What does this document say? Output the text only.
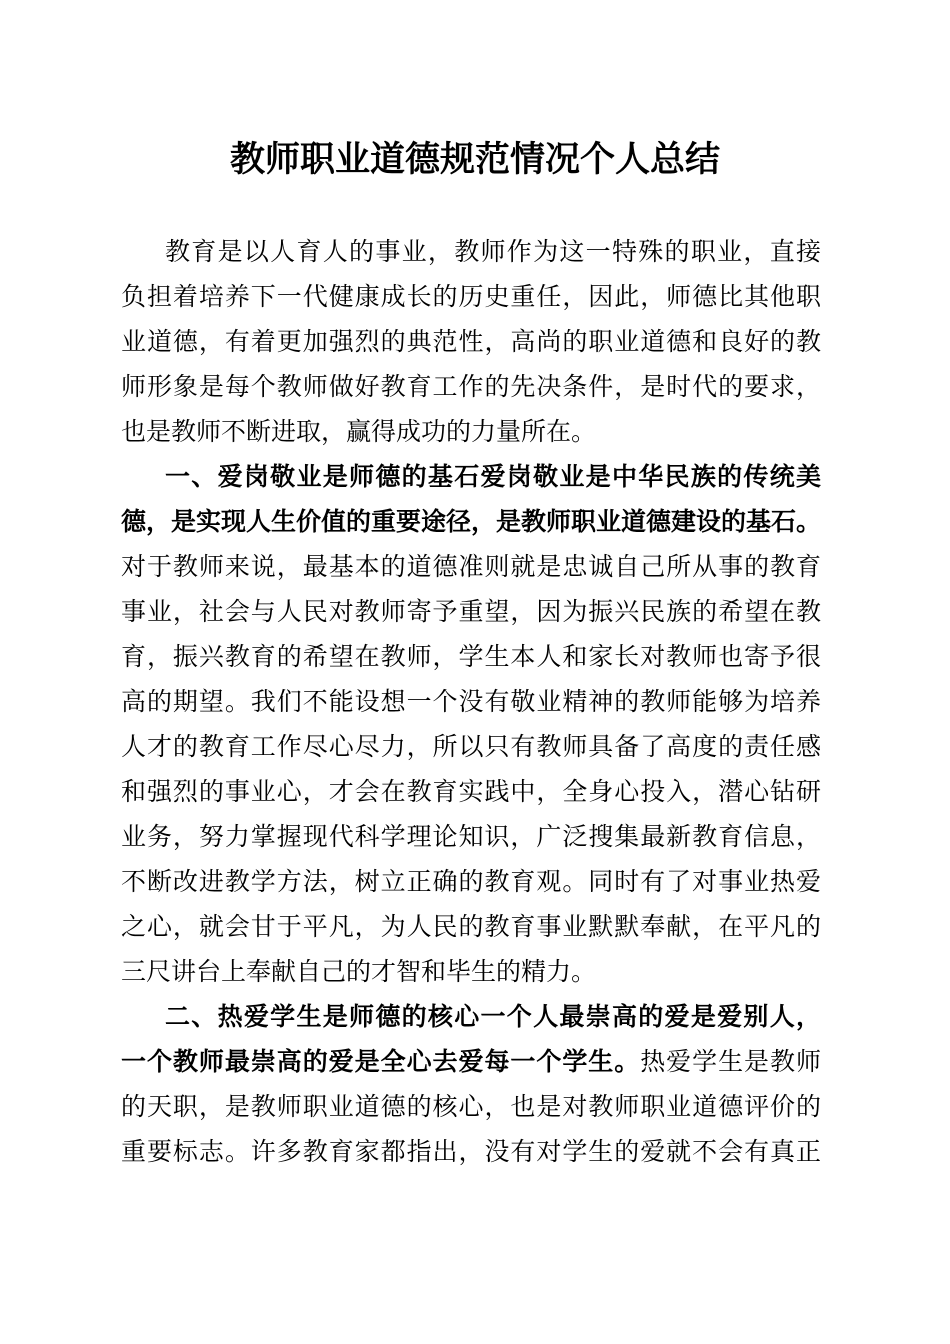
教师职业道德规范情况个人总结
教育是以人育人的事业，教师作为这一特殊的职业，直接
负担着培养下一代健康成长的历史重任，因此，师德比其他职
业道德，有着更加强烈的典范性，高尚的职业道德和良好的教
师形象是每个教师做好教育工作的先决条件，是时代的要求，
也是教师不断进取，赢得成功的力量所在。
一、爱岗敬业是师德的基石爱岗敬业是中华民族的传统美
德，是实现人生价值的重要途径，是教师职业道德建设的基石。
对于教师来说，最基本的道德准则就是忠诚自己所从事的教育
事业，社会与人民对教师寄予重望，因为振兴民族的希望在教
育，振兴教育的希望在教师，学生本人和家长对教师也寄予很
高的期望。我们不能设想一个没有敬业精神的教师能够为培养
人才的教育工作尽心尽力，所以只有教师具备了高度的责任感
和强烈的事业心，才会在教育实践中，全身心投入，潜心钻研
业务，努力掌握现代科学理论知识，广泛搜集最新教育信息，
不断改进教学方法，树立正确的教育观。同时有了对事业热爱
之心，就会甘于平凡，为人民的教育事业默默奉献，在平凡的
三尺讲台上奉献自己的才智和毕生的精力。
二、热爱学生是师德的核心一个人最崇高的爱是爱别人，
一个教师最崇高的爱是全心去爱每一个学生。热爱学生是教师
的天职，是教师职业道德的核心，也是对教师职业道德评价的
重要标志。许多教育家都指出，没有对学生的爱就不会有真正
